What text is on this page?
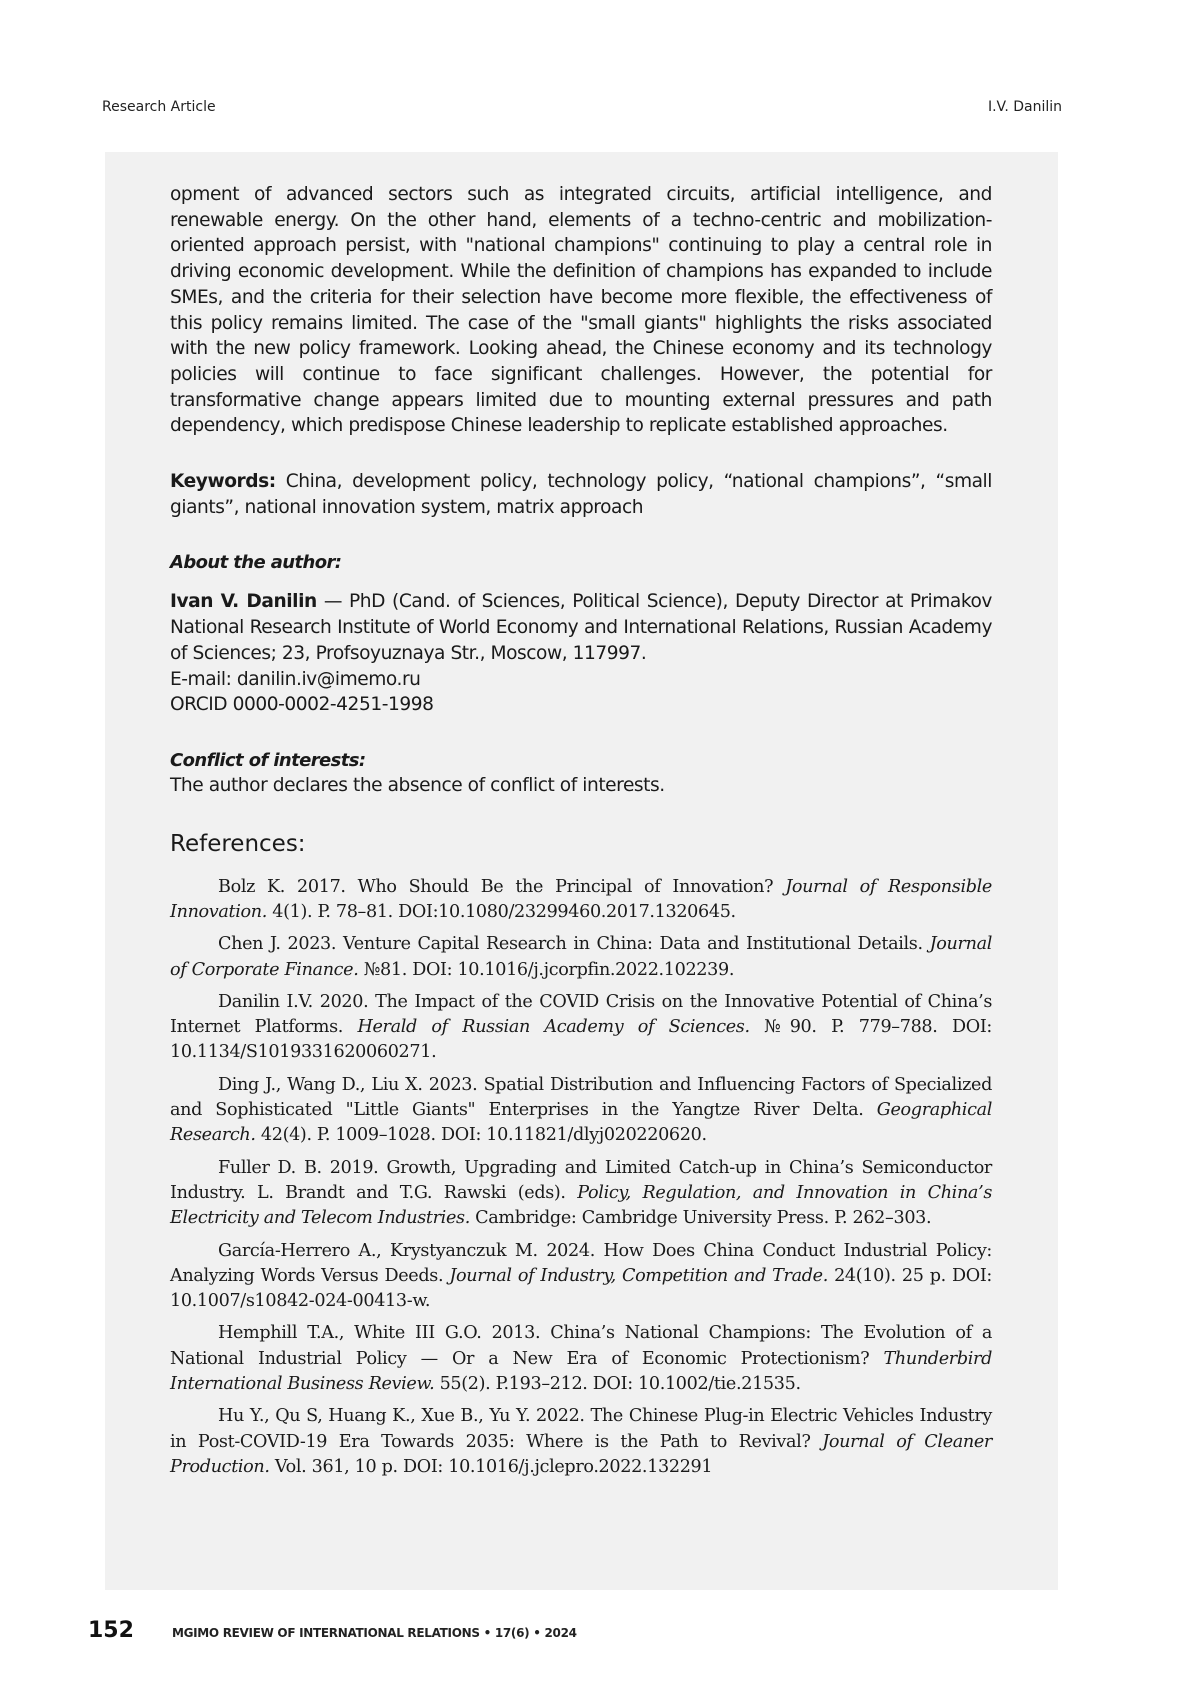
Research Article	I.V. Danilin

opment of advanced sectors such as integrated circuits, artificial intelligence, and renewable energy. On the other hand, elements of a techno-centric and mobilization-oriented approach persist, with "national champions" continuing to play a central role in driving economic development. While the definition of champions has expanded to include SMEs, and the criteria for their selection have become more flexible, the effectiveness of this policy remains limited. The case of the "small giants" highlights the risks associated with the new policy framework. Looking ahead, the Chinese economy and its technology policies will continue to face significant challenges. However, the potential for transformative change appears limited due to mounting external pressures and path dependency, which predispose Chinese leadership to replicate established approaches.

Keywords: China, development policy, technology policy, “national champions”, “small giants”, national innovation system, matrix approach

About the author:
Ivan V. Danilin — PhD (Cand. of Sciences, Political Science), Deputy Director at Primakov National Research Institute of World Economy and International Relations, Russian Academy of Sciences; 23, Profsoyuznaya Str., Moscow, 117997.
E-mail: danilin.iv@imemo.ru
ORCID 0000-0002-4251-1998
Conflict of interests:

The author declares the absence of conflict of interests.

References:

Bolz K. 2017. Who Should Be the Principal of Innovation? Journal of Responsible Innovation. 4(1). P. 78–81. DOI:10.1080/23299460.2017.1320645.

Chen J. 2023. Venture Capital Research in China: Data and Institutional Details. Journal of Corporate Finance. №81. DOI: 10.1016/j.jcorpfin.2022.102239.

Danilin I.V. 2020. The Impact of the COVID Crisis on the Innovative Potential of China’s Internet Platforms. Herald of Russian Academy of Sciences. №90. P. 779–788. DOI: 10.1134/S1019331620060271.

Ding J., Wang D., Liu X. 2023. Spatial Distribution and Influencing Factors of Specialized and Sophisticated "Little Giants" Enterprises in the Yangtze River Delta. Geographical Research. 42(4). P. 1009–1028. DOI: 10.11821/dlyj020220620.

Fuller D. B. 2019. Growth, Upgrading and Limited Catch-up in China’s Semiconductor Industry. L. Brandt and T.G. Rawski (eds). Policy, Regulation, and Innovation in China’s Electricity and Telecom Industries. Cambridge: Cambridge University Press. P. 262–303.

García-Herrero A., Krystyanczuk M. 2024. How Does China Conduct Industrial Policy: Analyzing Words Versus Deeds. Journal of Industry, Competition and Trade. 24(10). 25 p. DOI: 10.1007/s10842-024-00413-w.

Hemphill T.A., White III G.O. 2013. China’s National Champions: The Evolution of a National Industrial Policy — Or a New Era of Economic Protectionism? Thunderbird International Business Review. 55(2). P.193–212. DOI: 10.1002/tie.21535.

Hu Y., Qu S, Huang K., Xue B., Yu Y. 2022. The Chinese Plug-in Electric Vehicles Industry in Post-COVID-19 Era Towards 2035: Where is the Path to Revival? Journal of Cleaner Production. Vol. 361, 10 p. DOI: 10.1016/j.jclepro.2022.132291

152	MGIMO REVIEW OF INTERNATIONAL RELATIONS • 17(6) • 2024
